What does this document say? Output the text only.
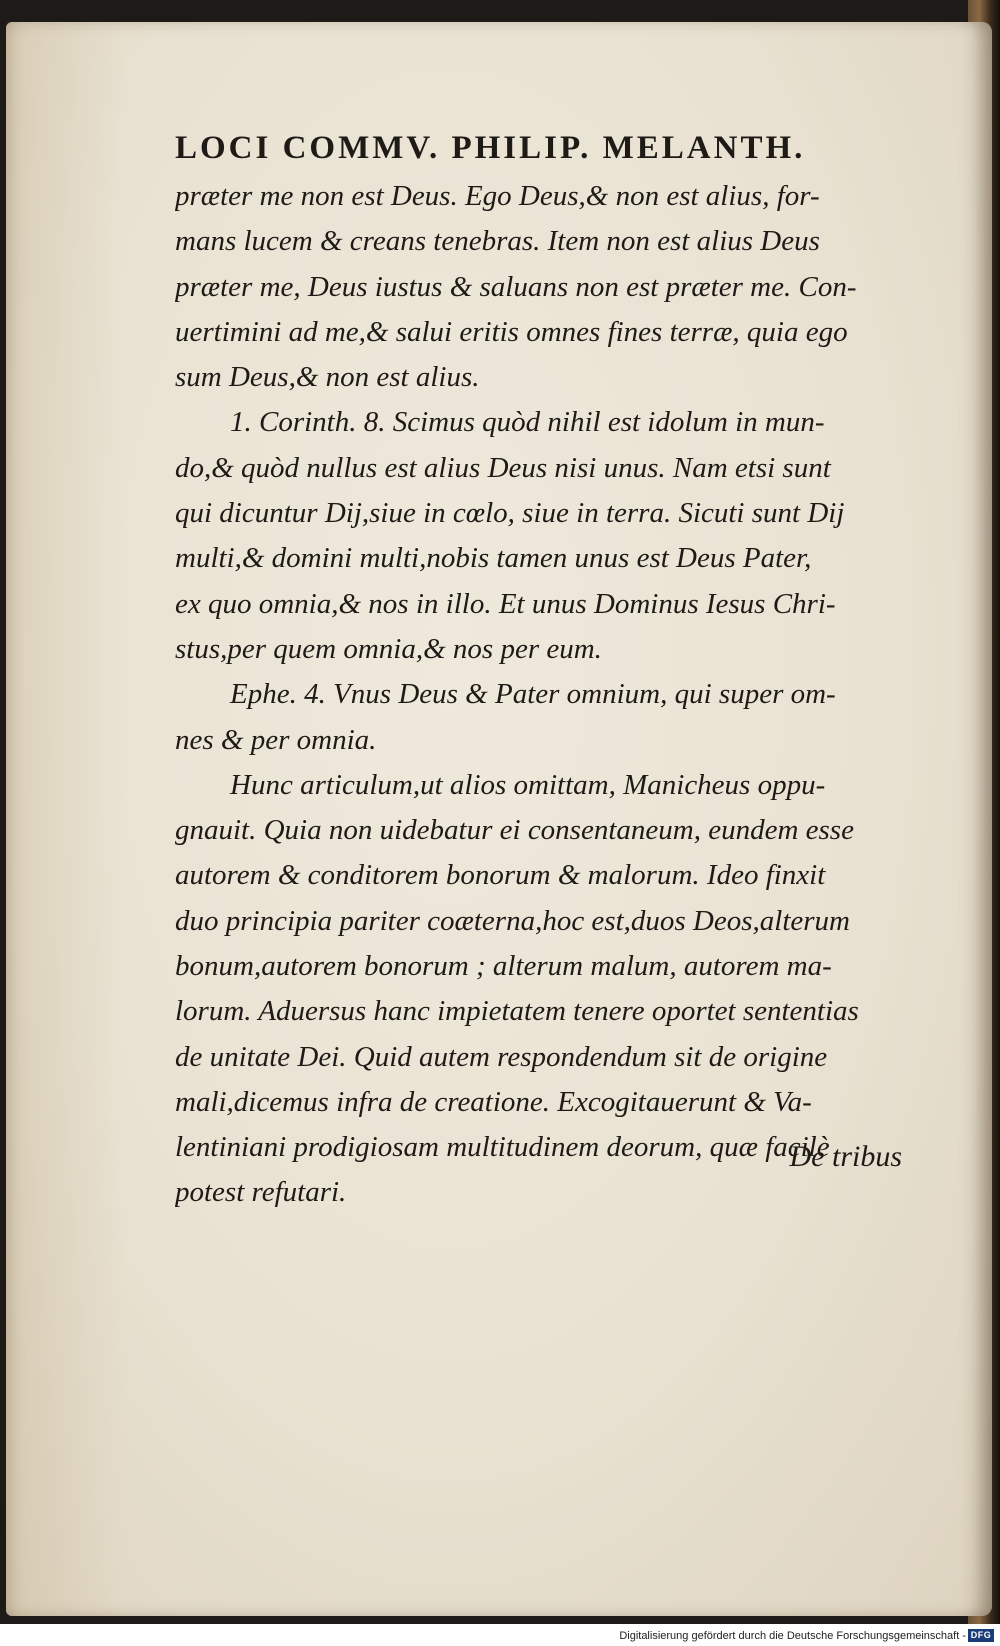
LOCI COMMV. PHILIP. MELANTH.
præter me non est Deus. Ego Deus,& non est alius, for-
mans lucem & creans tenebras. Item non est alius Deus
præter me, Deus iustus & saluans non est præter me. Con-
uertimini ad me,& salui eritis omnes fines terræ, quia ego
sum Deus,& non est alius.
1. Corinth. 8. Scimus quòd nihil est idolum in mun-
do,& quòd nullus est alius Deus nisi unus. Nam etsi sunt
qui dicuntur Dij,siue in cœlo, siue in terra. Sicuti sunt Dij
multi,& domini multi,nobis tamen unus est Deus Pater,
ex quo omnia,& nos in illo. Et unus Dominus Iesus Chri-
stus,per quem omnia,& nos per eum.
Ephe. 4. Vnus Deus & Pater omnium, qui super om-
nes & per omnia.
Hunc articulum,ut alios omittam, Manicheus oppu-
gnauit. Quia non uidebatur ei consentaneum, eundem esse
autorem & conditorem bonorum & malorum. Ideo finxit
duo principia pariter coæterna,hoc est,duos Deos,alterum
bonum,autorem bonorum ; alterum malum, autorem ma-
lorum. Aduersus hanc impietatem tenere oportet sententias
de unitate Dei. Quid autem respondendum sit de origine
mali,dicemus infra de creatione. Excogitauerunt & Va-
lentiniani prodigiosam multitudinem deorum, quæ facilè
potest refutari.
De tribus
Digitalisierung gefördert durch die Deutsche Forschungsgemeinschaft - DFG
